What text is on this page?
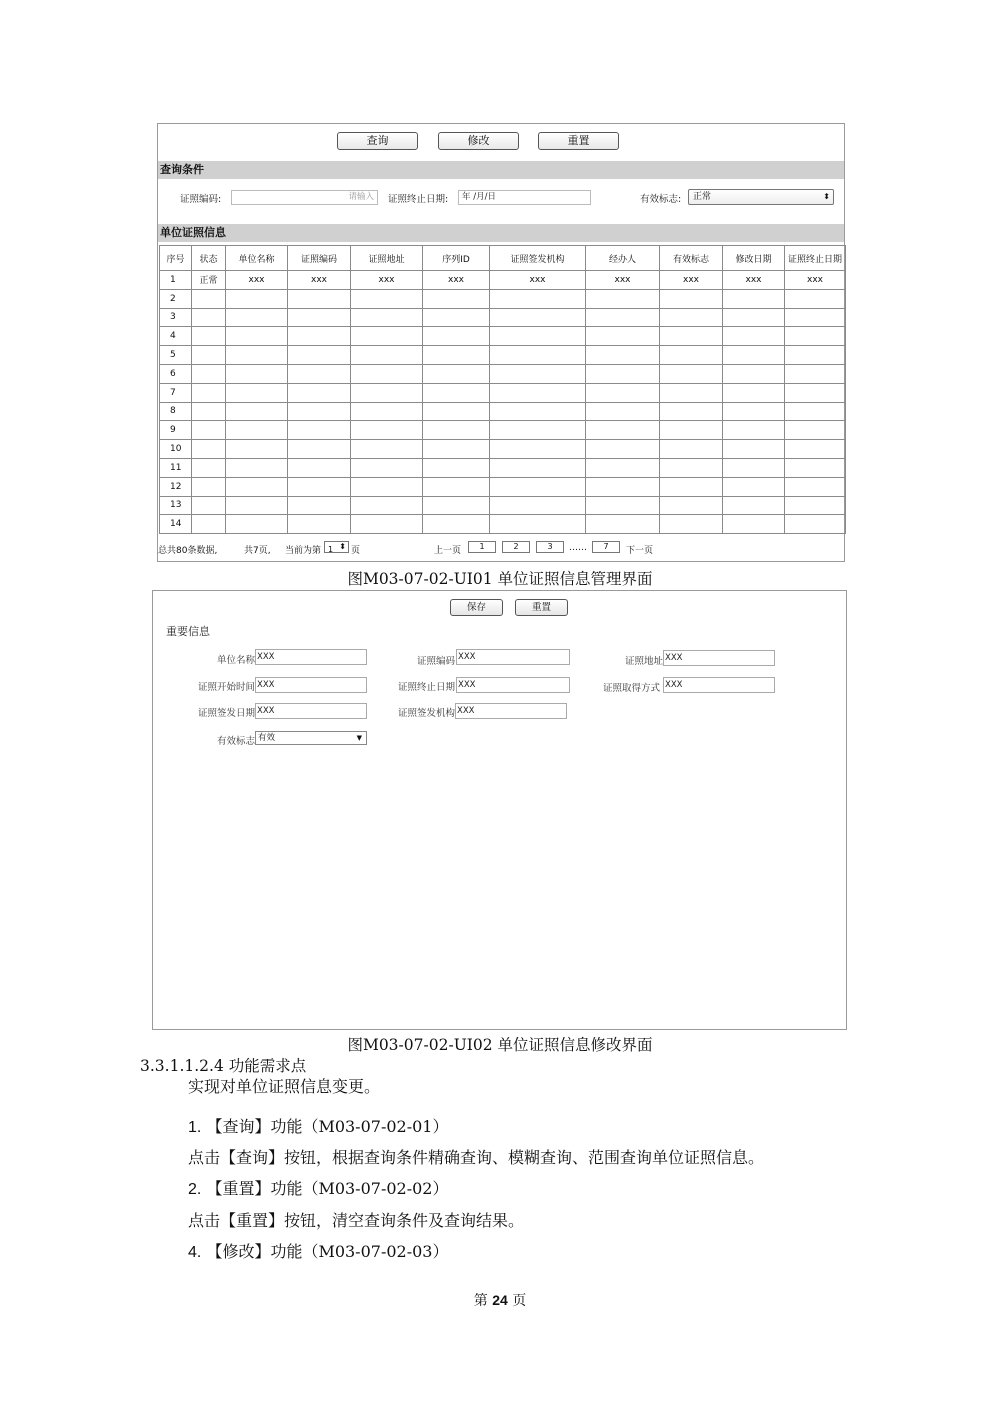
查询	修改	重置
查询条件
证照编码:	请输入	证照终止日期:	年 /月/日	有效标志:	正常	⬍
单位证照信息
序号	状态	单位名称	证照编码	证照地址	序列ID	证照签发机构	经办人	有效标志	修改日期	证照终止日期
1	正常	xxx	xxx	xxx	xxx	xxx	xxx	xxx	xxx	xxx
2										
3										
4										
5										
6										
7										
8										
9										
10										
11										
12										
13										
14										
总共80条数据,	共7页, 当前为第 1 ⬍ 页	上一页	1	2	3	……	7	下一页
图M03-07-02-UI01 单位证照信息管理界面
保存	重置
重要信息
单位名称 XXX	证照编码 XXX	证照地址 XXX
证照开始时间 XXX	证照终止日期 XXX	证照取得方式 XXX
证照签发日期 XXX	证照签发机构 XXX
有效标志 有效	▼
图M03-07-02-UI02 单位证照信息修改界面
3.3.1.1.2.4 功能需求点
实现对单位证照信息变更。
1. 【查询】功能（M03-07-02-01）
点击【查询】按钮，根据查询条件精确查询、模糊查询、范围查询单位证照信息。
2. 【重置】功能（M03-07-02-02）
点击【重置】按钮，清空查询条件及查询结果。
4. 【修改】功能（M03-07-02-03）
第 24 页
